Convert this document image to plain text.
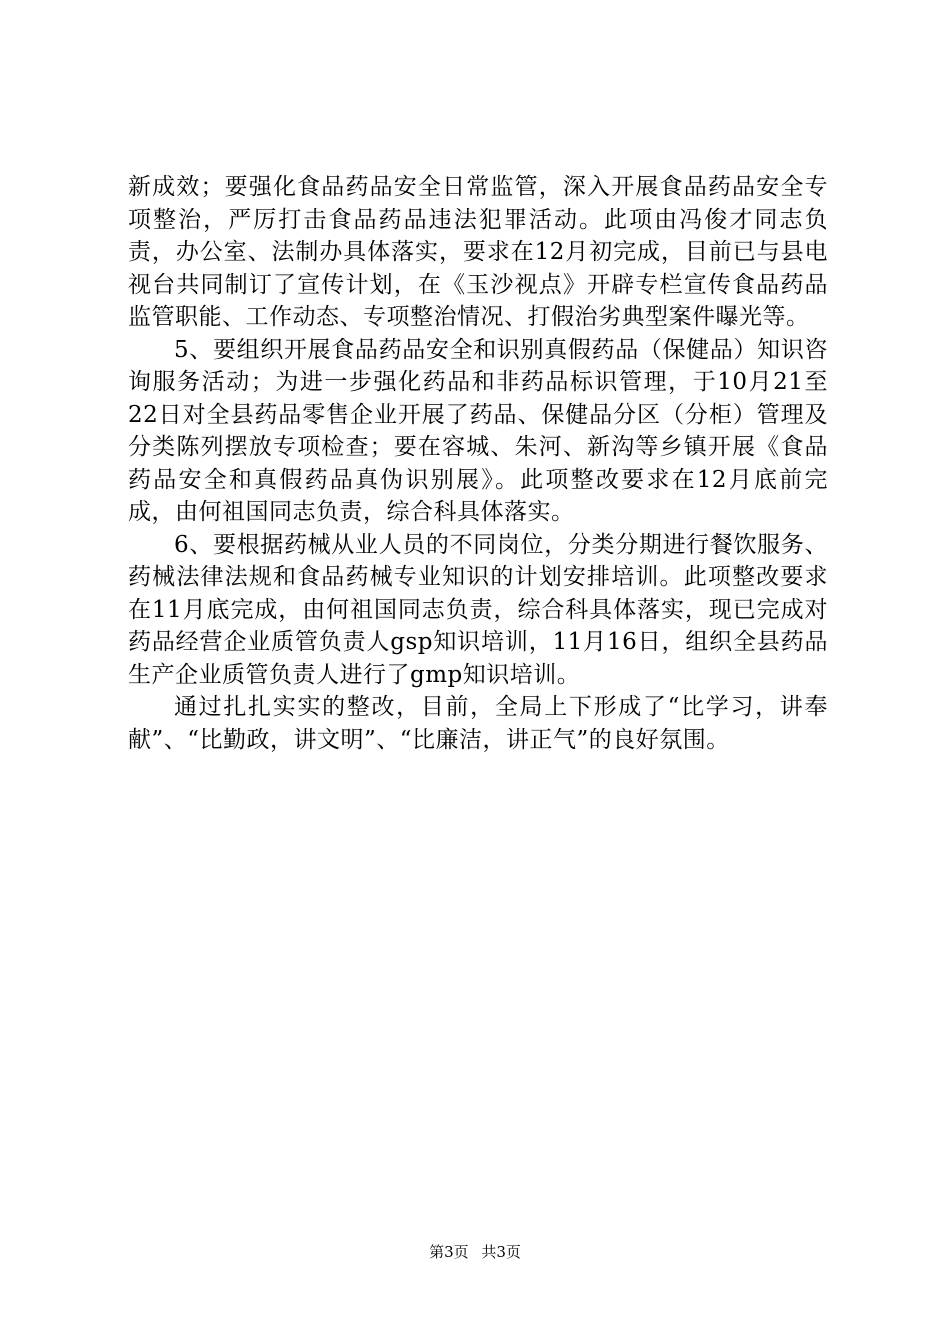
新成效；要强化食品药品安全日常监管，深入开展食品药品安全专项整治，严厉打击食品药品违法犯罪活动。此项由冯俊才同志负责，办公室、法制办具体落实，要求在12月初完成，目前已与县电视台共同制订了宣传计划，在《玉沙视点》开辟专栏宣传食品药品监管职能、工作动态、专项整治情况、打假治劣典型案件曝光等。

5、要组织开展食品药品安全和识别真假药品（保健品）知识咨询服务活动；为进一步强化药品和非药品标识管理，于10月21至22日对全县药品零售企业开展了药品、保健品分区（分柜）管理及分类陈列摆放专项检查；要在容城、朱河、新沟等乡镇开展《食品药品安全和真假药品真伪识别展》。此项整改要求在12月底前完成，由何祖国同志负责，综合科具体落实。

6、要根据药械从业人员的不同岗位，分类分期进行餐饮服务、药械法律法规和食品药械专业知识的计划安排培训。此项整改要求在11月底完成，由何祖国同志负责，综合科具体落实，现已完成对药品经营企业质管负责人gsp知识培训，11月16日，组织全县药品生产企业质管负责人进行了gmp知识培训。

通过扎扎实实的整改，目前，全局上下形成了“比学习，讲奉献”、“比勤政，讲文明”、“比廉洁，讲正气”的良好氛围。

第3页 共3页
